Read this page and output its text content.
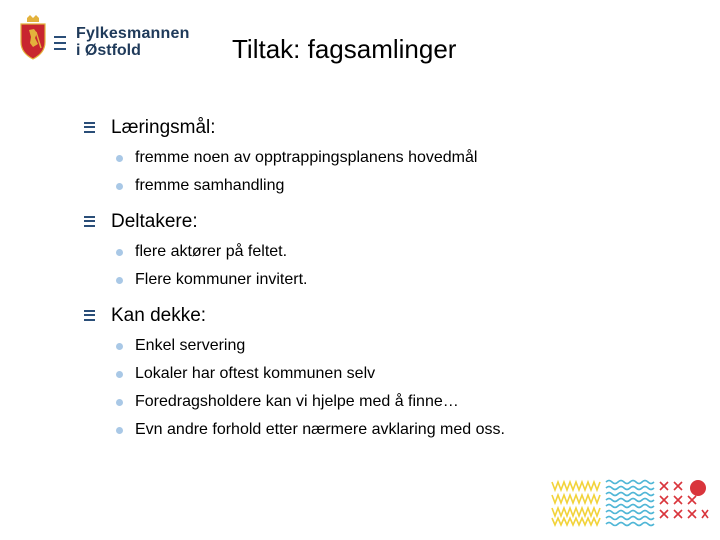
Fylkesmannen
i Østfold	Tiltak: fagsamlinger
Læringsmål:
fremme noen av opptrappingsplanens hovedmål
fremme samhandling
Deltakere:
flere aktører på feltet.
Flere kommuner invitert.
Kan dekke:
Enkel servering
Lokaler har oftest kommunen selv
Foredragsholdere kan vi hjelpe med å finne…
Evn andre forhold etter nærmere avklaring med oss.
